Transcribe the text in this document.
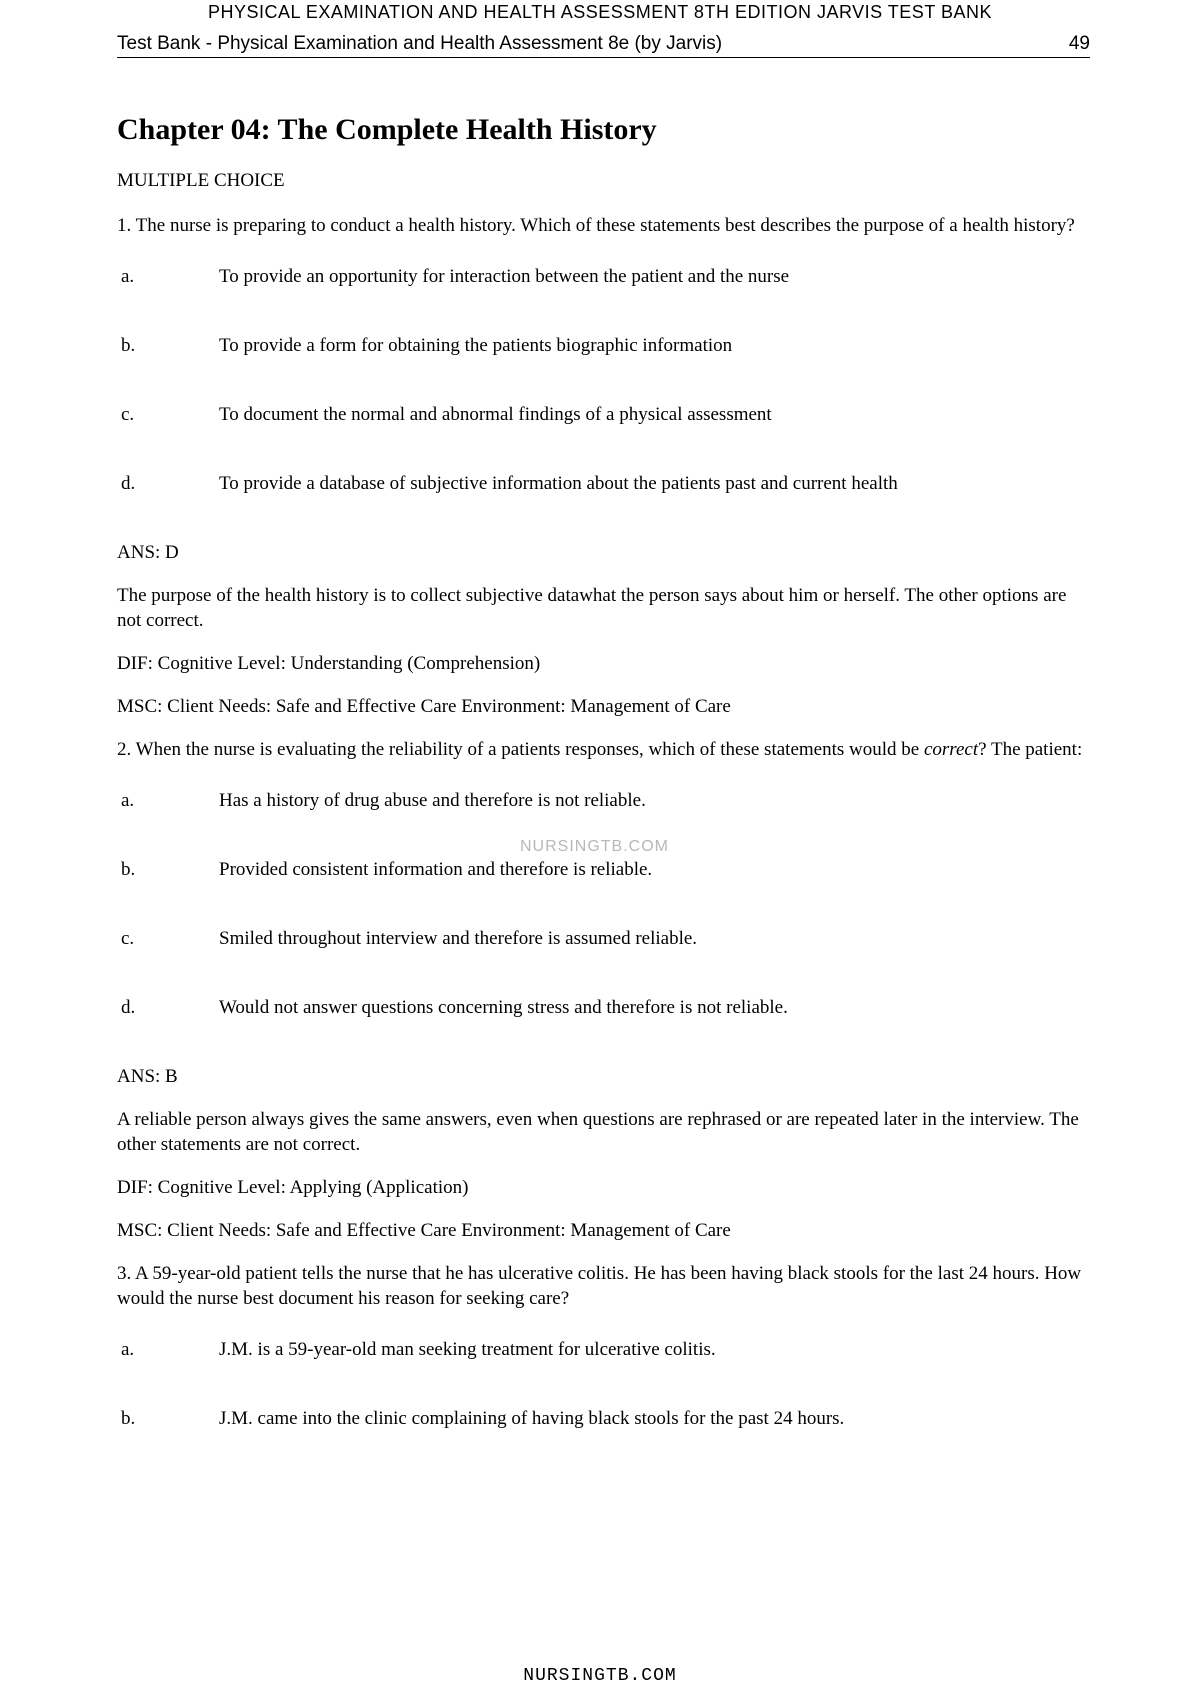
PHYSICAL EXAMINATION AND HEALTH ASSESSMENT 8TH EDITION JARVIS TEST BANK
Test Bank - Physical Examination and Health Assessment 8e (by Jarvis)	49
Chapter 04: The Complete Health History
MULTIPLE CHOICE
1. The nurse is preparing to conduct a health history. Which of these statements best describes the purpose of a health history?
a.	To provide an opportunity for interaction between the patient and the nurse
b.	To provide a form for obtaining the patients biographic information
c.	To document the normal and abnormal findings of a physical assessment
d.	To provide a database of subjective information about the patients past and current health
ANS: D
The purpose of the health history is to collect subjective datawhat the person says about him or herself. The other options are not correct.
DIF: Cognitive Level: Understanding (Comprehension)
MSC: Client Needs: Safe and Effective Care Environment: Management of Care
2. When the nurse is evaluating the reliability of a patients responses, which of these statements would be correct? The patient:
a.	Has a history of drug abuse and therefore is not reliable.
b.	Provided consistent information and therefore is reliable.
c.	Smiled throughout interview and therefore is assumed reliable.
d.	Would not answer questions concerning stress and therefore is not reliable.
ANS: B
A reliable person always gives the same answers, even when questions are rephrased or are repeated later in the interview. The other statements are not correct.
DIF: Cognitive Level: Applying (Application)
MSC: Client Needs: Safe and Effective Care Environment: Management of Care
3. A 59-year-old patient tells the nurse that he has ulcerative colitis. He has been having black stools for the last 24 hours. How would the nurse best document his reason for seeking care?
a.	J.M. is a 59-year-old man seeking treatment for ulcerative colitis.
b.	J.M. came into the clinic complaining of having black stools for the past 24 hours.
NURSINGTB.COM
NURSINGTB.COM
